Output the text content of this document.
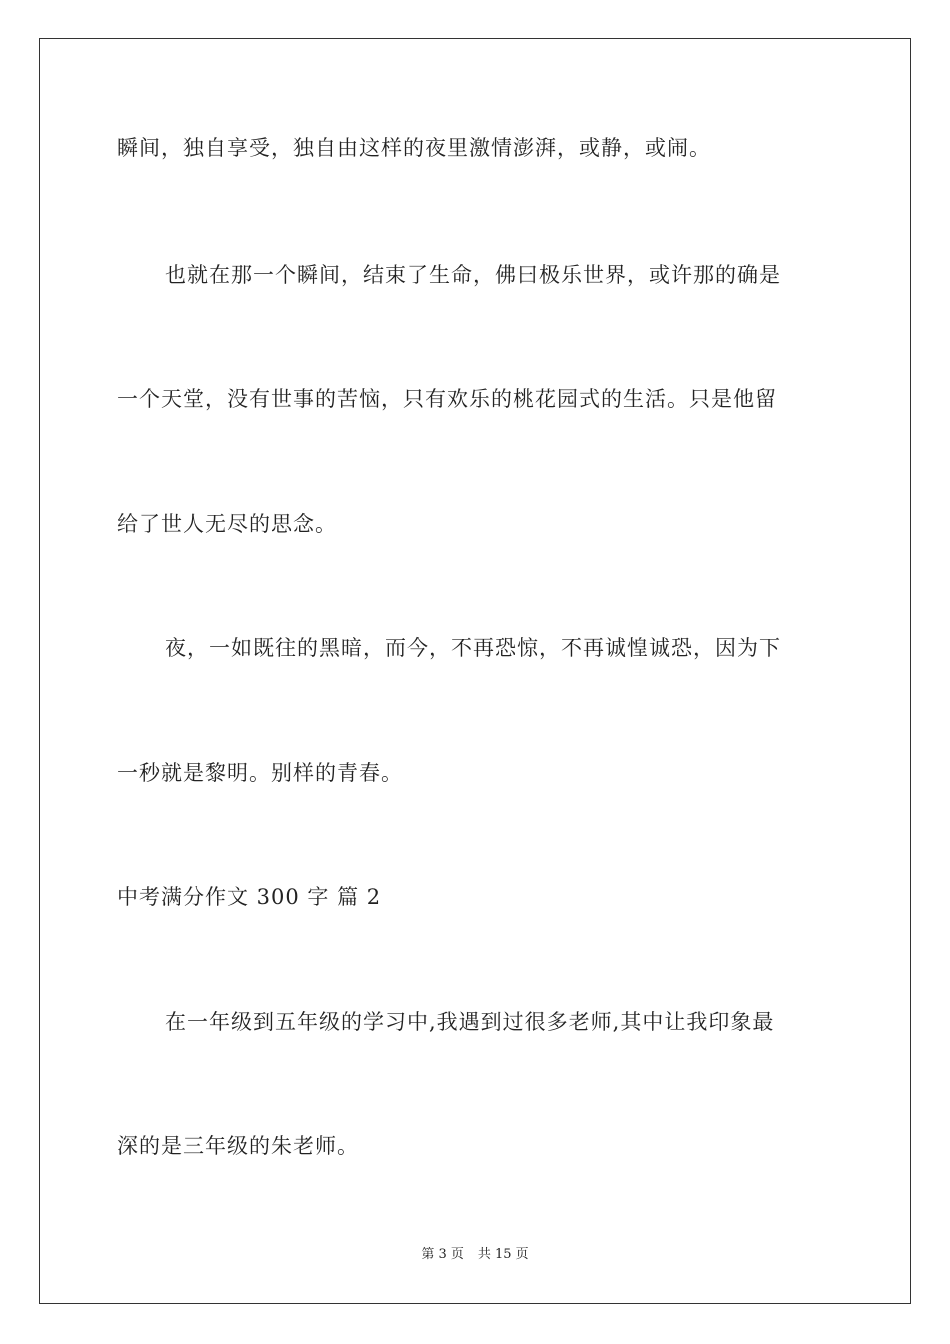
瞬间，独自享受，独自由这样的夜里激情澎湃，或静，或闹。
也就在那一个瞬间，结束了生命，佛曰极乐世界，或许那的确是
一个天堂，没有世事的苦恼，只有欢乐的桃花园式的生活。只是他留
给了世人无尽的思念。
夜，一如既往的黑暗，而今，不再恐惊，不再诚惶诚恐，因为下
一秒就是黎明。别样的青春。
中考满分作文 300 字 篇 2
在一年级到五年级的学习中,我遇到过很多老师,其中让我印象最
深的是三年级的朱老师。
第 3 页 共 15 页
